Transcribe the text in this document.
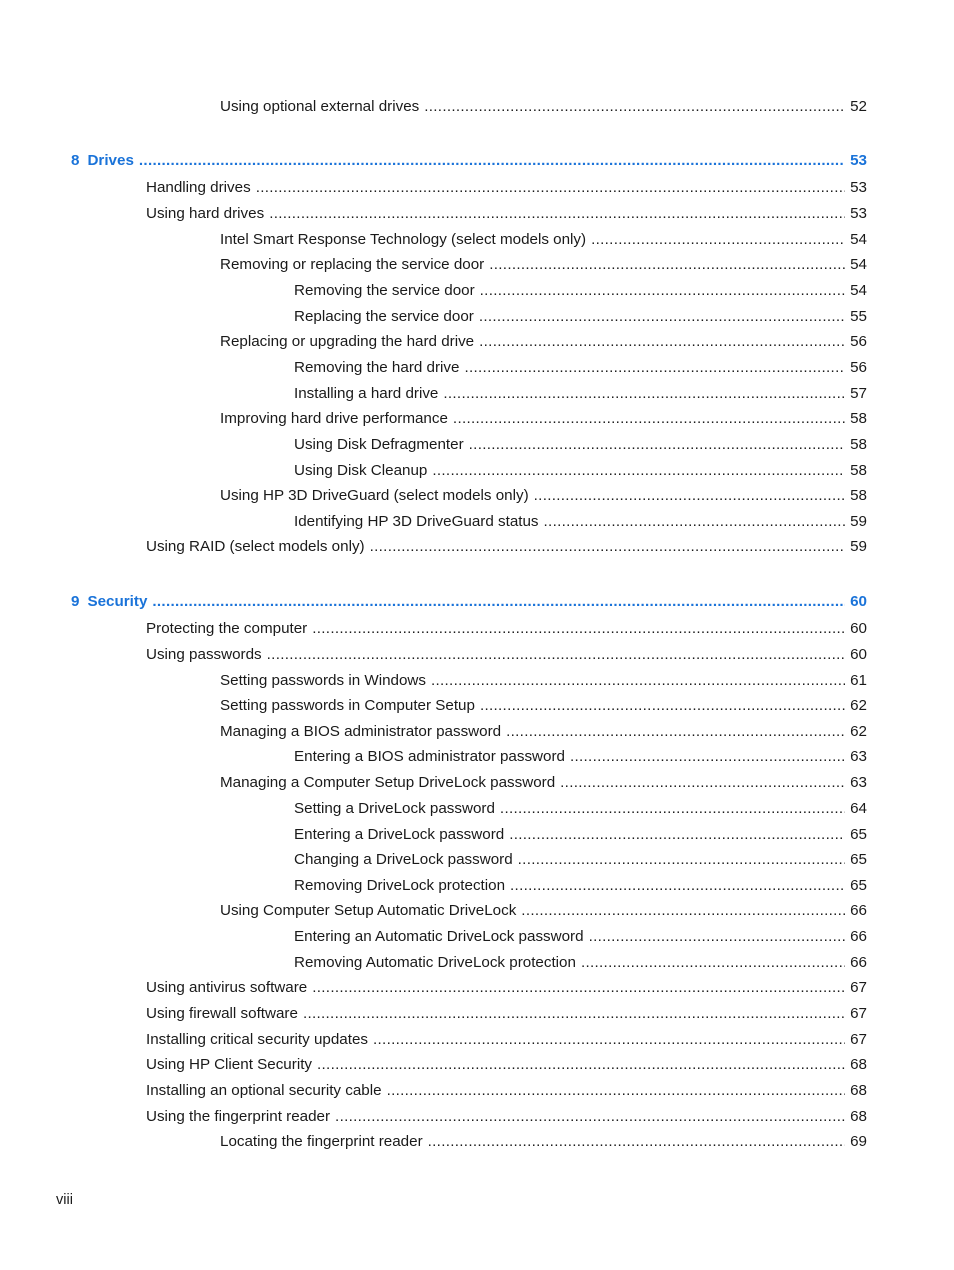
Using optional external drives .....	52
8 Drives .....	53
Handling drives .....	53
Using hard drives .....	53
Intel Smart Response Technology (select models only) .....	54
Removing or replacing the service door .....	54
Removing the service door .....	54
Replacing the service door .....	55
Replacing or upgrading the hard drive .....	56
Removing the hard drive .....	56
Installing a hard drive .....	57
Improving hard drive performance .....	58
Using Disk Defragmenter .....	58
Using Disk Cleanup .....	58
Using HP 3D DriveGuard (select models only) .....	58
Identifying HP 3D DriveGuard status .....	59
Using RAID (select models only) .....	59
9 Security .....	60
Protecting the computer .....	60
Using passwords .....	60
Setting passwords in Windows .....	61
Setting passwords in Computer Setup .....	62
Managing a BIOS administrator password .....	62
Entering a BIOS administrator password .....	63
Managing a Computer Setup DriveLock password .....	63
Setting a DriveLock password .....	64
Entering a DriveLock password .....	65
Changing a DriveLock password .....	65
Removing DriveLock protection .....	65
Using Computer Setup Automatic DriveLock .....	66
Entering an Automatic DriveLock password .....	66
Removing Automatic DriveLock protection .....	66
Using antivirus software .....	67
Using firewall software .....	67
Installing critical security updates .....	67
Using HP Client Security .....	68
Installing an optional security cable .....	68
Using the fingerprint reader .....	68
Locating the fingerprint reader .....	69
viii
